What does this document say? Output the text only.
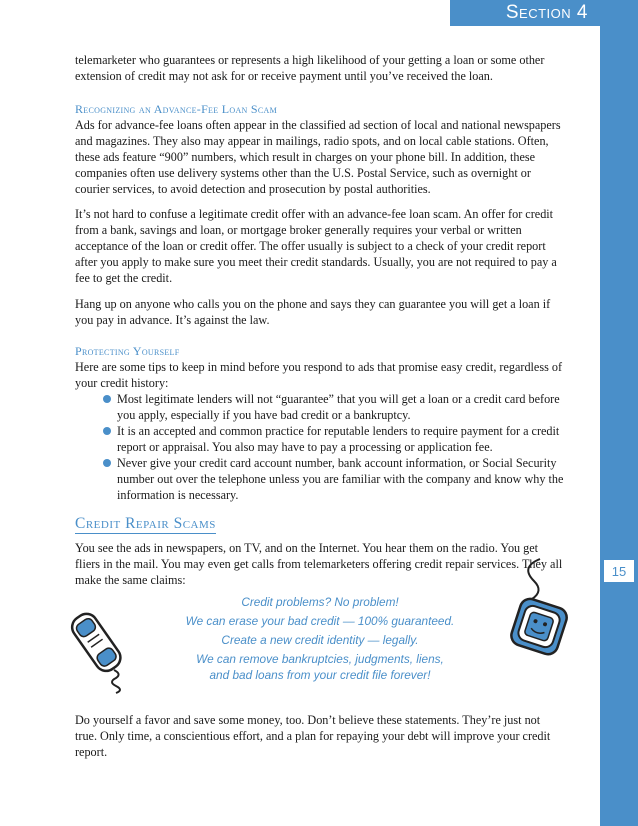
Section 4
15

telemarketer who guarantees or represents a high likelihood of your getting a loan or some other extension of credit may not ask for or receive payment until you’ve received the loan.

Recognizing an Advance-Fee Loan Scam

Ads for advance-fee loans often appear in the classified ad section of local and national newspapers and magazines. They also may appear in mailings, radio spots, and on local cable stations. Often, these ads feature “900” numbers, which result in charges on your phone bill. In addition, these companies often use delivery systems other than the U.S. Postal Service, such as overnight or courier services, to avoid detection and prosecution by postal authorities.

It’s not hard to confuse a legitimate credit offer with an advance-fee loan scam. An offer for credit from a bank, savings and loan, or mortgage broker generally requires your verbal or written acceptance of the loan or credit offer. The offer usually is subject to a check of your credit report after you apply to make sure you meet their credit standards. Usually, you are not required to pay a fee to get the credit.

Hang up on anyone who calls you on the phone and says they can guarantee you will get a loan if you pay in advance. It’s against the law.

Protecting Yourself

Here are some tips to keep in mind before you respond to ads that promise easy credit, regardless of your credit history:

Most legitimate lenders will not “guarantee” that you will get a loan or a credit card before you apply, especially if you have bad credit or a bankruptcy.
It is an accepted and common practice for reputable lenders to require payment for a credit report or appraisal. You also may have to pay a processing or application fee.
Never give your credit card account number, bank account information, or Social Security number out over the telephone unless you are familiar with the company and know why the information is necessary.
Credit Repair Scams

You see the ads in newspapers, on TV, and on the Internet. You hear them on the radio. You get fliers in the mail. You may even get calls from telemarketers offering credit repair services. They all make the same claims:

Credit problems? No problem!
We can erase your bad credit — 100% guaranteed.
Create a new credit identity — legally.
We can remove bankruptcies, judgments, liens,
and bad loans from your credit file forever!

Do yourself a favor and save some money, too. Don’t believe these statements. They’re just not true. Only time, a conscientious effort, and a plan for repaying your debt will improve your credit report.
